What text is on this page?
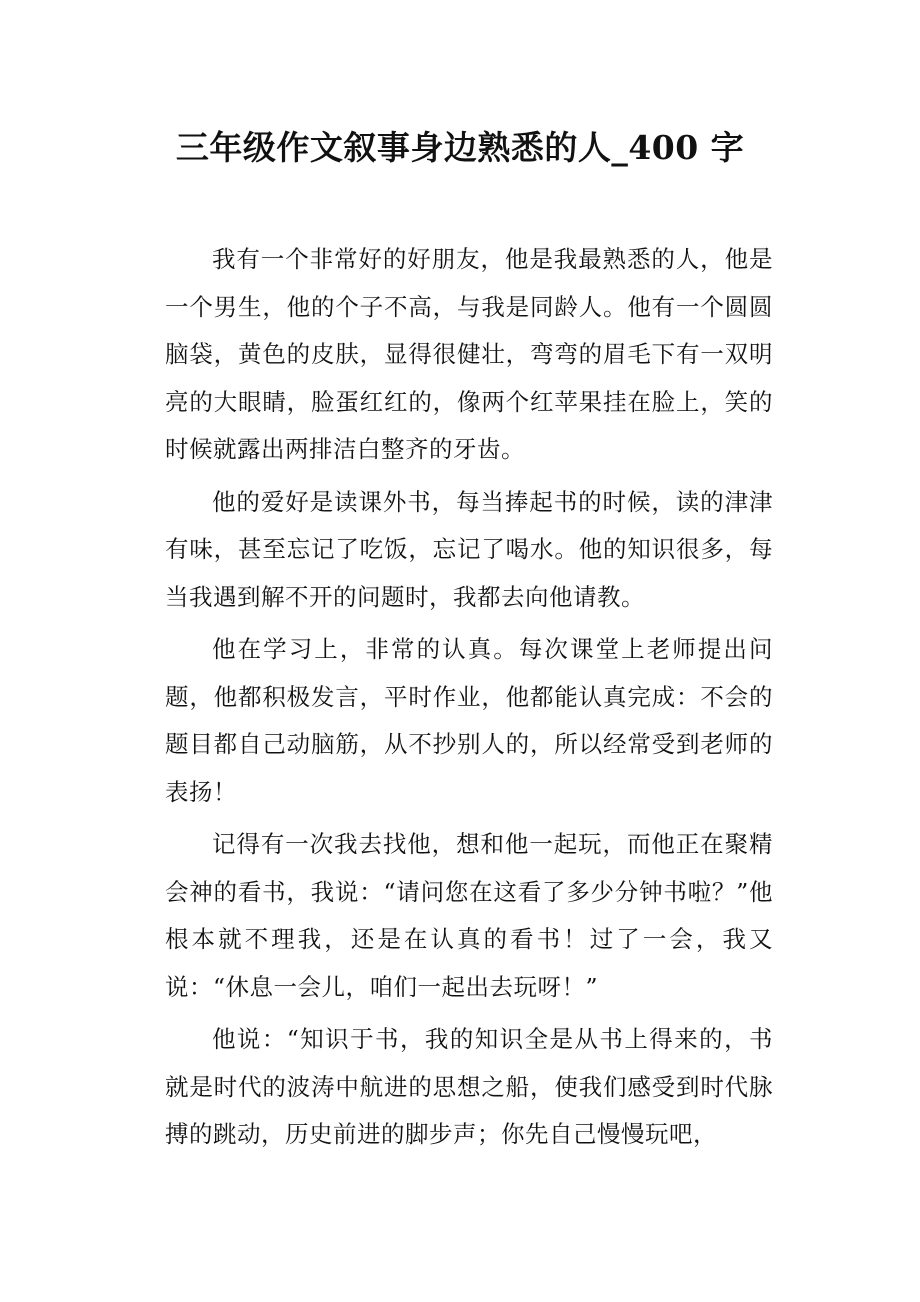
三年级作文叙事身边熟悉的人_400 字

我有一个非常好的好朋友，他是我最熟悉的人，他是一个男生，他的个子不高，与我是同龄人。他有一个圆圆脑袋，黄色的皮肤，显得很健壮，弯弯的眉毛下有一双明亮的大眼睛，脸蛋红红的，像两个红苹果挂在脸上，笑的时候就露出两排洁白整齐的牙齿。

他的爱好是读课外书，每当捧起书的时候，读的津津有味，甚至忘记了吃饭，忘记了喝水。他的知识很多，每当我遇到解不开的问题时，我都去向他请教。

他在学习上，非常的认真。每次课堂上老师提出问题，他都积极发言，平时作业，他都能认真完成：不会的题目都自己动脑筋，从不抄别人的，所以经常受到老师的表扬！

记得有一次我去找他，想和他一起玩，而他正在聚精会神的看书，我说：“请问您在这看了多少分钟书啦？”他根本就不理我，还是在认真的看书！过了一会，我又说：“休息一会儿，咱们一起出去玩呀！”

他说：“知识于书，我的知识全是从书上得来的，书就是时代的波涛中航进的思想之船，使我们感受到时代脉搏的跳动，历史前进的脚步声；你先自己慢慢玩吧，
